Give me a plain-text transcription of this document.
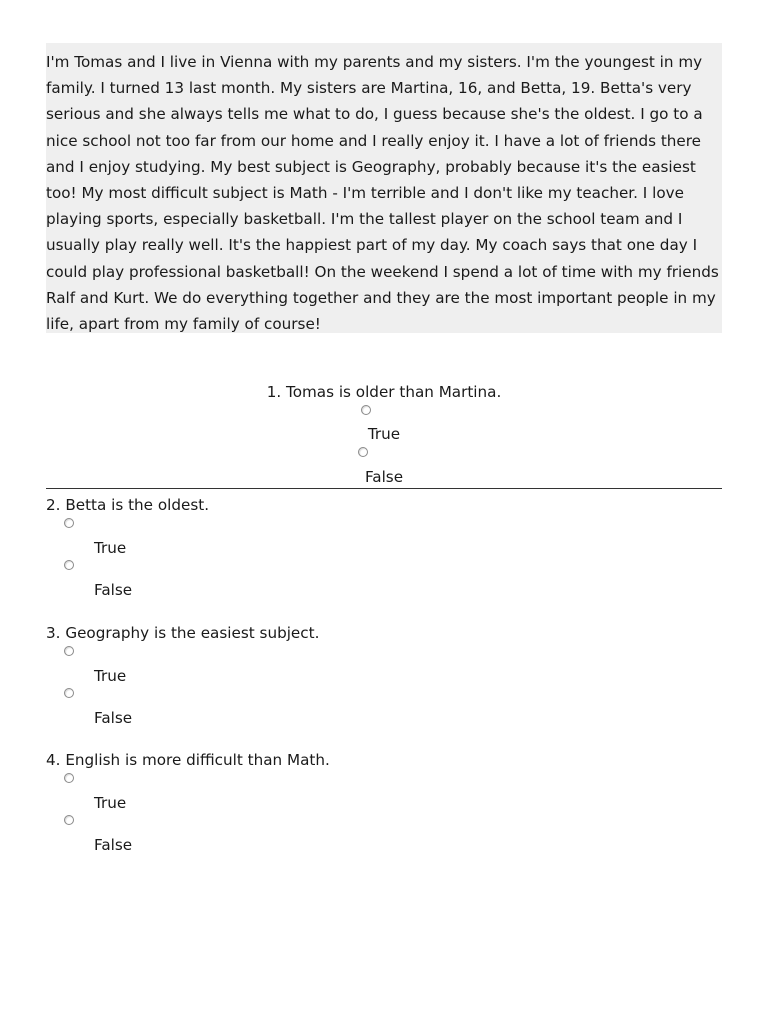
I'm Tomas and I live in Vienna with my parents and my sisters. I'm the youngest in my family. I turned 13 last month. My sisters are Martina, 16, and Betta, 19. Betta's very serious and she always tells me what to do, I guess because she's the oldest. I go to a nice school not too far from our home and I really enjoy it. I have a lot of friends there and I enjoy studying. My best subject is Geography, probably because it's the easiest too! My most difficult subject is Math - I'm terrible and I don't like my teacher. I love playing sports, especially basketball. I'm the tallest player on the school team and I usually play really well. It's the happiest part of my day. My coach says that one day I could play professional basketball! On the weekend I spend a lot of time with my friends Ralf and Kurt. We do everything together and they are the most important people in my life, apart from my family of course!

1. Tomas is older than Martina.
True
False
2. Betta is the oldest.
True
False
3. Geography is the easiest subject.
True
False
4. English is more difficult than Math.
True
False
